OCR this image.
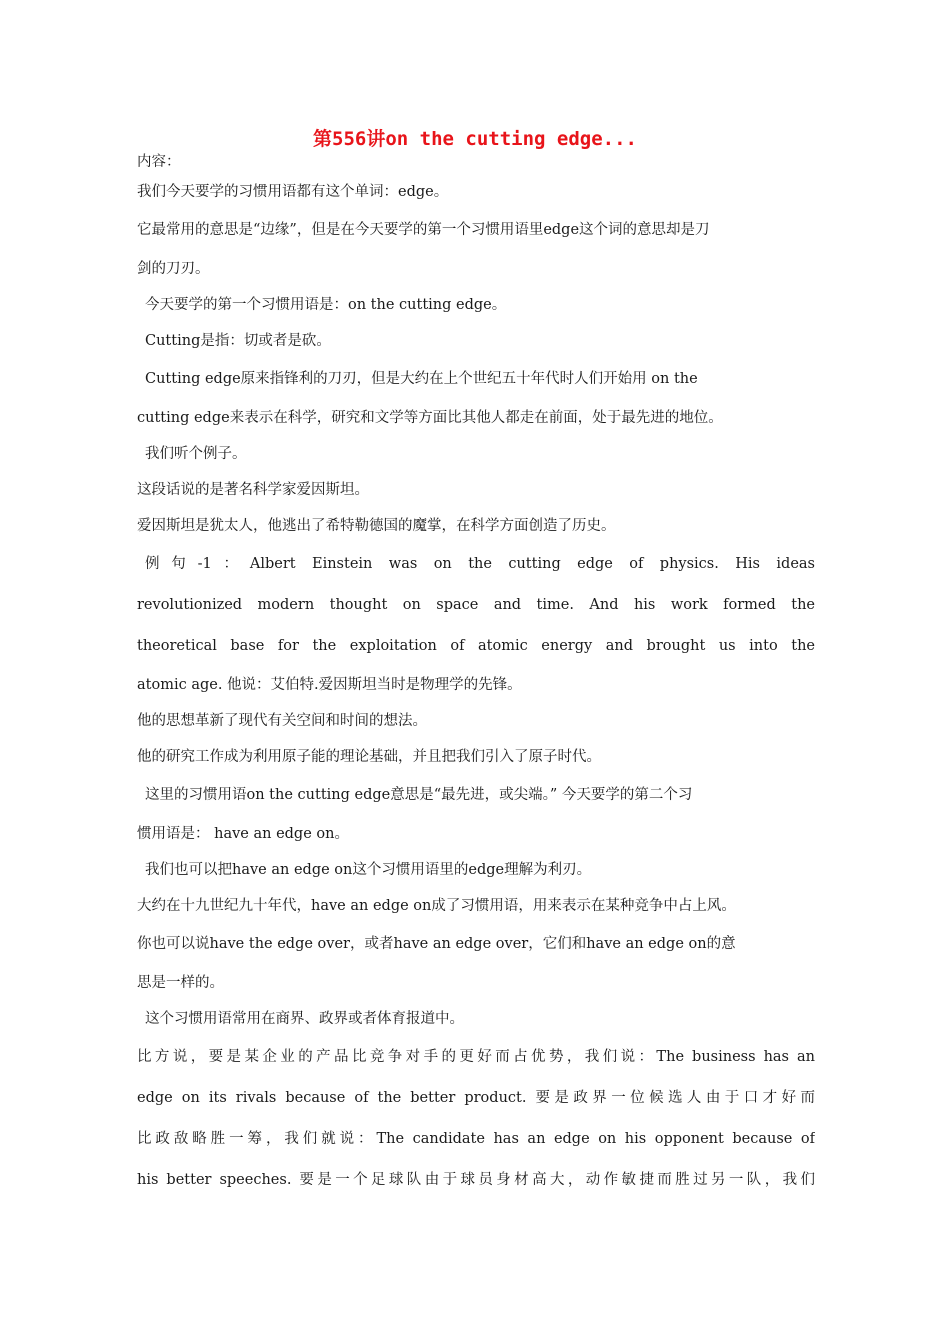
第556讲on the cutting edge...
内容：
我们今天要学的习惯用语都有这个单词：edge。
它最常用的意思是“边缘”，但是在今天要学的第一个习惯用语里edge这个词的意思却是刀
剑的刀刃。
今天要学的第一个习惯用语是：on the cutting edge。
Cutting是指：切或者是砍。
Cutting edge原来指锋利的刀刃，但是大约在上个世纪五十年代时人们开始用 on the
cutting edge来表示在科学，研究和文学等方面比其他人都走在前面，处于最先进的地位。
我们听个例子。
这段话说的是著名科学家爱因斯坦。
爱因斯坦是犹太人，他逃出了希特勒德国的魔掌，在科学方面创造了历史。
例句-1：Albert Einstein was on the cutting edge of physics. His ideas
revolutionized modern thought on space and time. And his work formed the
theoretical base for the exploitation of atomic energy and brought us into the
atomic age. 他说：艾伯特.爱因斯坦当时是物理学的先锋。
他的思想革新了现代有关空间和时间的想法。
他的研究工作成为利用原子能的理论基础，并且把我们引入了原子时代。
这里的习惯用语on the cutting edge意思是“最先进，或尖端。” 今天要学的第二个习
惯用语是： have an edge on。
我们也可以把have an edge on这个习惯用语里的edge理解为利刃。
大约在十九世纪九十年代，have an edge on成了习惯用语，用来表示在某种竞争中占上风。
你也可以说have the edge over，或者have an edge over，它们和have an edge on的意
思是一样的。
这个习惯用语常用在商界、政界或者体育报道中。
比方说，要是某企业的产品比竞争对手的更好而占优势，我们说：The business has an
edge on its rivals because of the better product. 要是政界一位候选人由于口才好而
比政敌略胜一筹，我们就说：The candidate has an edge on his opponent because of
his better speeches. 要是一个足球队由于球员身材高大，动作敏捷而胜过另一队，我们
